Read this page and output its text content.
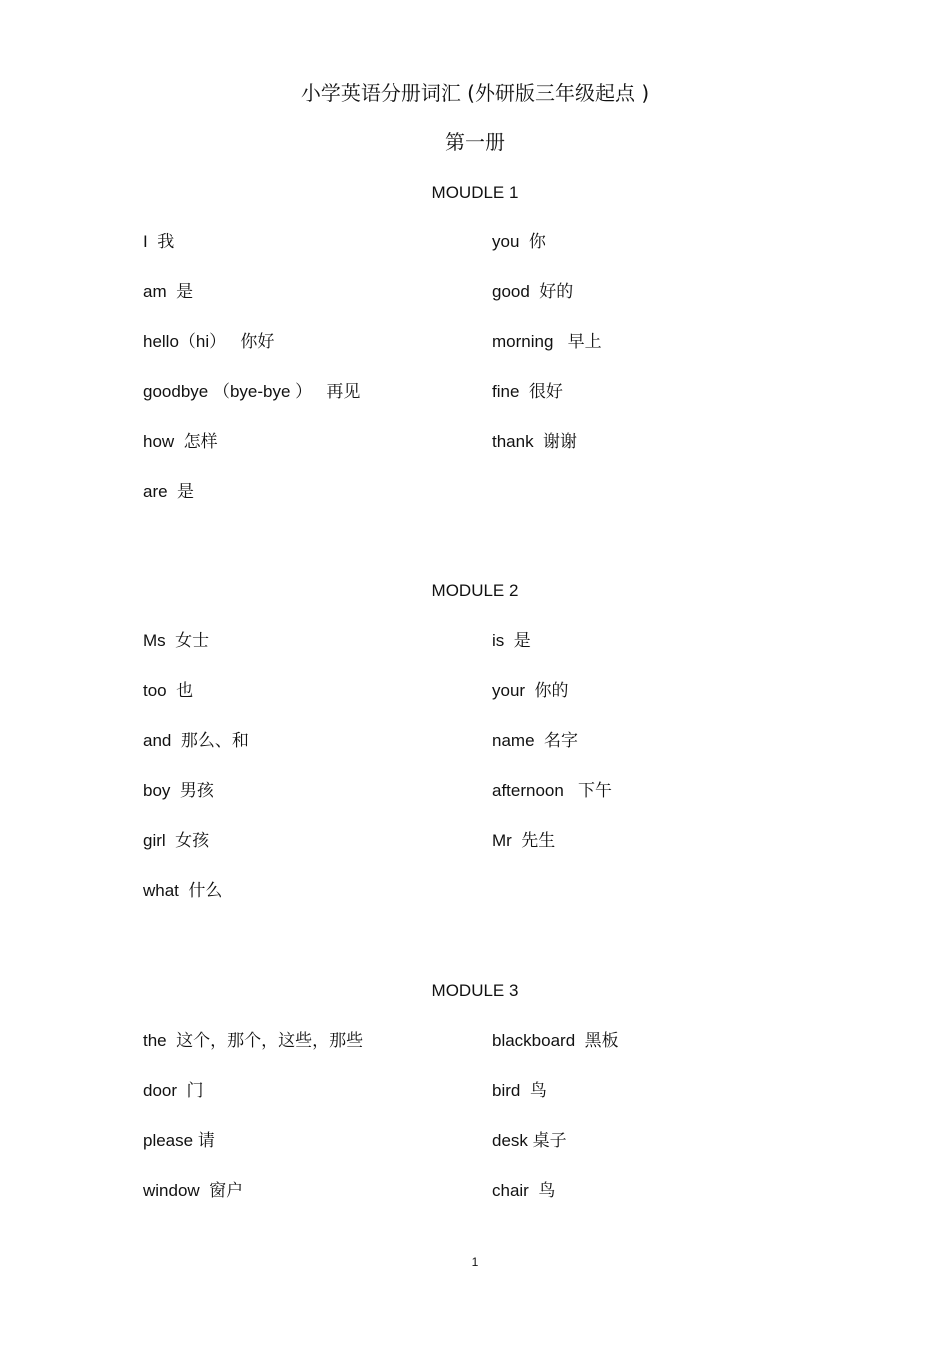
小学英语分册词汇 (外研版三年级起点 )
第一册
MOUDLE 1
I 我
am 是
hello（hi） 你好
goodbye （bye-bye ） 再见
how 怎样
are 是
you 你
good 好的
morning 早上
fine 很好
thank 谢谢
MODULE 2
Ms 女士
too 也
and 那么、和
boy 男孩
girl 女孩
what 什么
is 是
your 你的
name 名字
afternoon 下午
Mr 先生
MODULE 3
the 这个，那个，这些，那些
door 门
please 请
window 窗户
blackboard 黑板
bird 鸟
desk 桌子
chair 鸟
1
